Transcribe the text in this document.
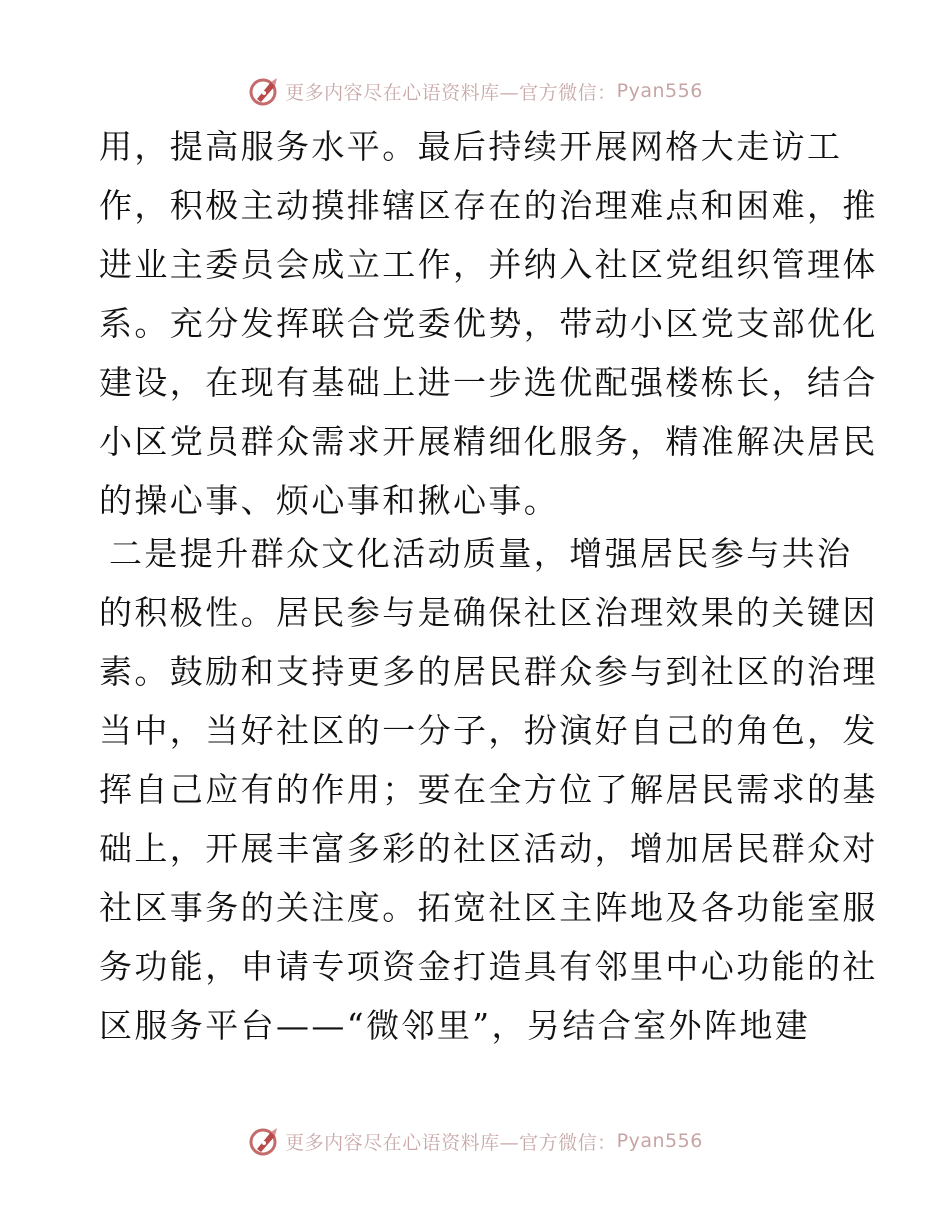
更多内容尽在心语资料库—官方微信： Pyan556
用，提高服务水平。最后持续开展网格大走访工
作，积极主动摸排辖区存在的治理难点和困难，推
进业主委员会成立工作，并纳入社区党组织管理体
系。充分发挥联合党委优势，带动小区党支部优化
建设，在现有基础上进一步选优配强楼栋长，结合
小区党员群众需求开展精细化服务，精准解决居民
的操心事、烦心事和揪心事。
二是提升群众文化活动质量，增强居民参与共治
的积极性。居民参与是确保社区治理效果的关键因
素。鼓励和支持更多的居民群众参与到社区的治理
当中，当好社区的一分子，扮演好自己的角色，发
挥自己应有的作用；要在全方位了解居民需求的基
础上，开展丰富多彩的社区活动，增加居民群众对
社区事务的关注度。拓宽社区主阵地及各功能室服
务功能，申请专项资金打造具有邻里中心功能的社
区服务平台——“微邻里”，另结合室外阵地建
更多内容尽在心语资料库—官方微信： Pyan556
